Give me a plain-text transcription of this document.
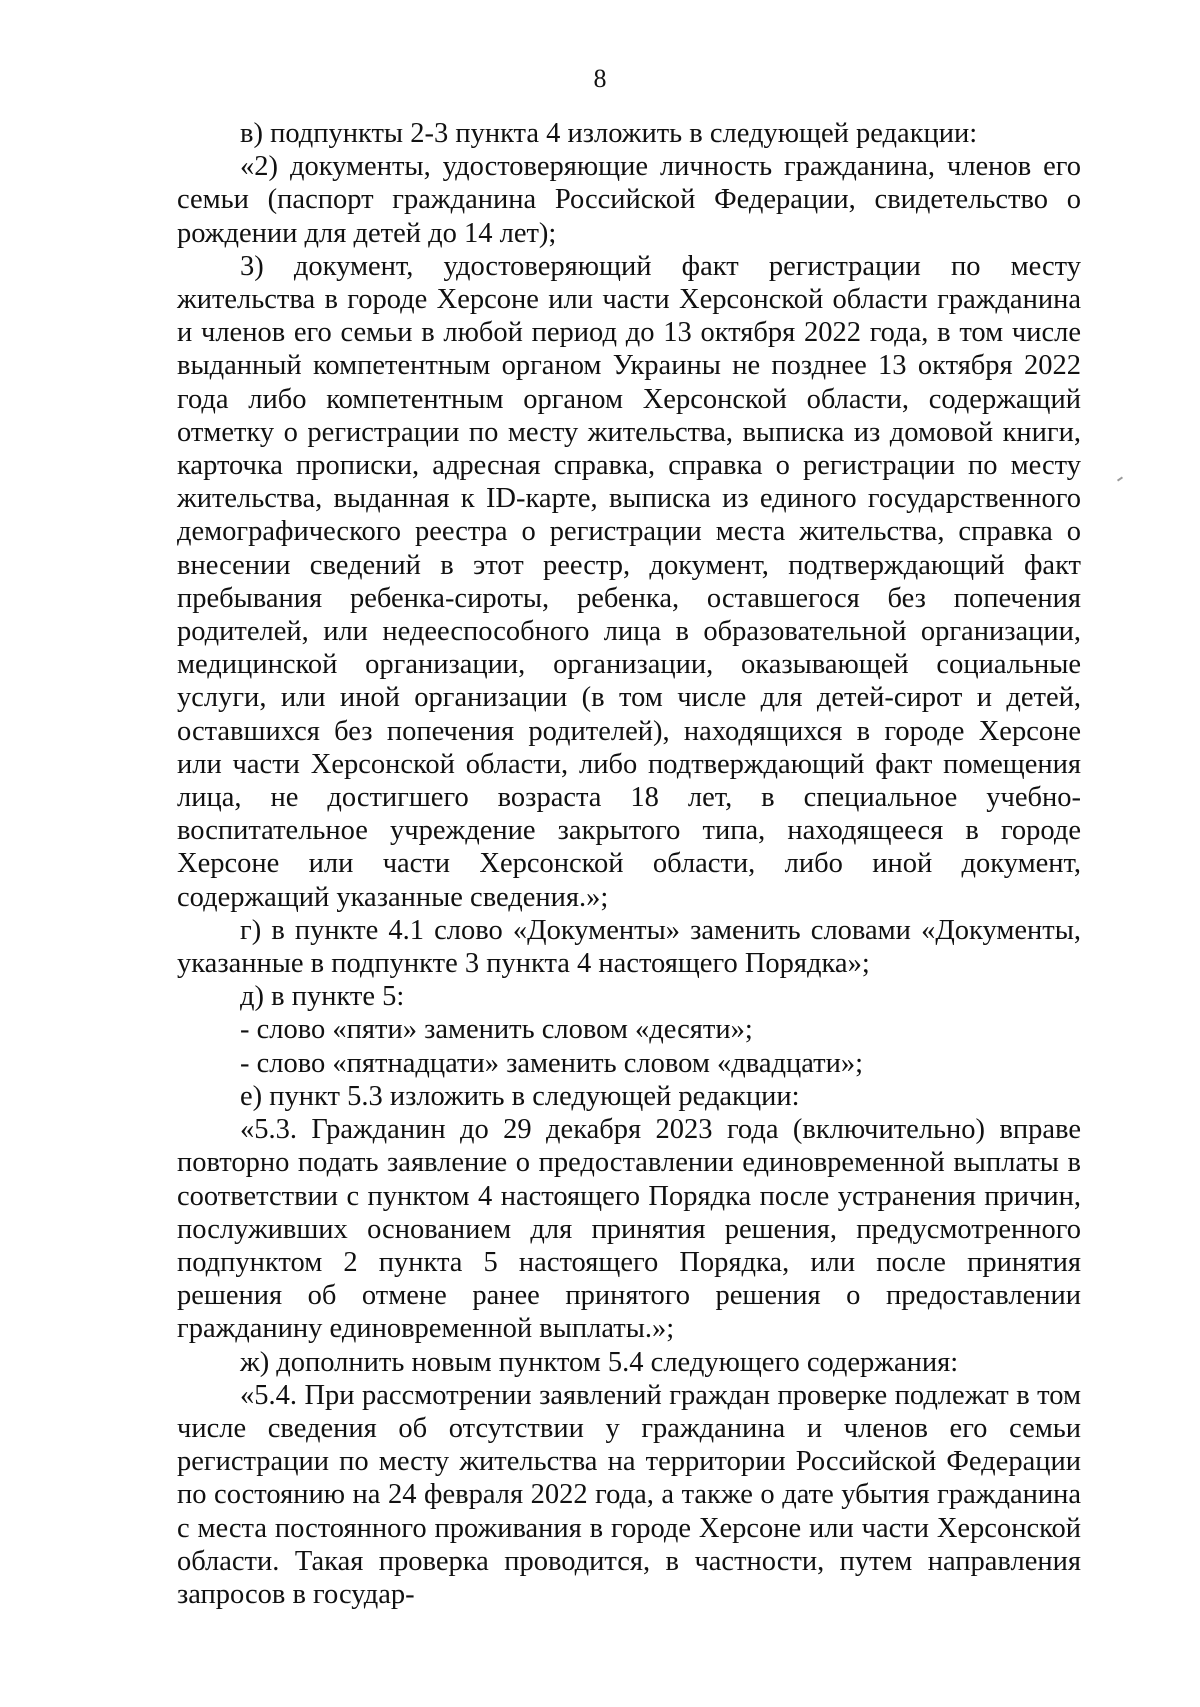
8

в) подпункты 2-3 пункта 4 изложить в следующей редакции:

«2) документы, удостоверяющие личность гражданина, членов его семьи (паспорт гражданина Российской Федерации, свидетельство о рождении для детей до 14 лет);

3) документ, удостоверяющий факт регистрации по месту жительства в городе Херсоне или части Херсонской области гражданина и членов его семьи в любой период до 13 октября 2022 года, в том числе выданный компетентным органом Украины не позднее 13 октября 2022 года либо компетентным органом Херсонской области, содержащий отметку о регистрации по месту жительства, выписка из домовой книги, карточка прописки, адресная справка, справка о регистрации по месту жительства, выданная к ID-карте, выписка из единого государственного демографического реестра о регистрации места жительства, справка о внесении сведений в этот реестр, документ, подтверждающий факт пребывания ребенка-сироты, ребенка, оставшегося без попечения родителей, или недееспособного лица в образовательной организации, медицинской организации, организации, оказывающей социальные услуги, или иной организации (в том числе для детей-сирот и детей, оставшихся без попечения родителей), находящихся в городе Херсоне или части Херсонской области, либо подтверждающий факт помещения лица, не достигшего возраста 18 лет, в специальное учебно-воспитательное учреждение закрытого типа, находящееся в городе Херсоне или части Херсонской области, либо иной документ, содержащий указанные сведения.»;

г) в пункте 4.1 слово «Документы» заменить словами «Документы, указанные в подпункте 3 пункта 4 настоящего Порядка»;

д) в пункте 5:

- слово «пяти» заменить словом «десяти»;

- слово «пятнадцати» заменить словом «двадцати»;

е) пункт 5.3 изложить в следующей редакции:

«5.3. Гражданин до 29 декабря 2023 года (включительно) вправе повторно подать заявление о предоставлении единовременной выплаты в соответствии с пунктом 4 настоящего Порядка после устранения причин, послуживших основанием для принятия решения, предусмотренного подпунктом 2 пункта 5 настоящего Порядка, или после принятия решения об отмене ранее принятого решения о предоставлении гражданину единовременной выплаты.»;

ж) дополнить новым пунктом 5.4 следующего содержания:

«5.4. При рассмотрении заявлений граждан проверке подлежат в том числе сведения об отсутствии у гражданина и членов его семьи регистрации по месту жительства на территории Российской Федерации по состоянию на 24 февраля 2022 года, а также о дате убытия гражданина с места постоянного проживания в городе Херсоне или части Херсонской области. Такая проверка проводится, в частности, путем направления запросов в государ-
